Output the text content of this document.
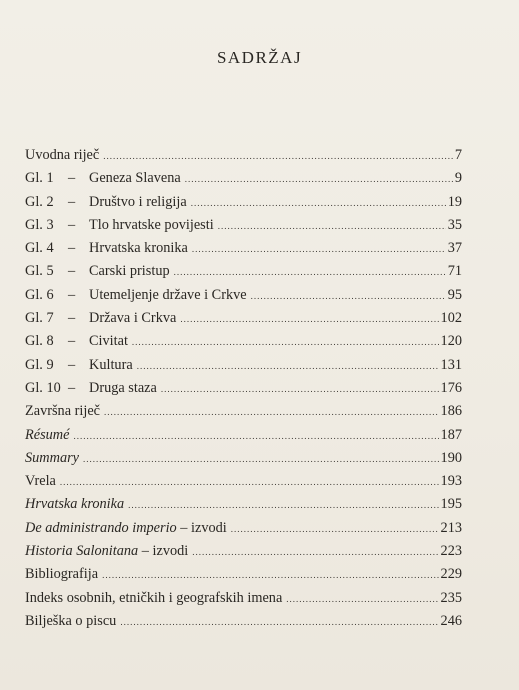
SADRŽAJ
Uvodna riječ .....	7
Gl. 1	– Geneza Slavena .....	9
Gl. 2	– Društvo i religija .....	19
Gl. 3	– Tlo hrvatske povijesti .....	35
Gl. 4	– Hrvatska kronika .....	37
Gl. 5	– Carski pristup .....	71
Gl. 6	– Utemeljenje države i Crkve .....	95
Gl. 7	– Država i Crkva .....	102
Gl. 8	– Civitat .....	120
Gl. 9	– Kultura .....	131
Gl. 10 – Druga staza .....	176
Završna riječ .....	186
Résumé .....	187
Summary .....	190
Vrela .....	193
Hrvatska kronika .....	195
De administrando imperio – izvodi .....	213
Historia Salonitana – izvodi .....	223
Bibliografija .....	229
Indeks osobnih, etničkih i geografskih imena .....	235
Bilješka o piscu .....	246
